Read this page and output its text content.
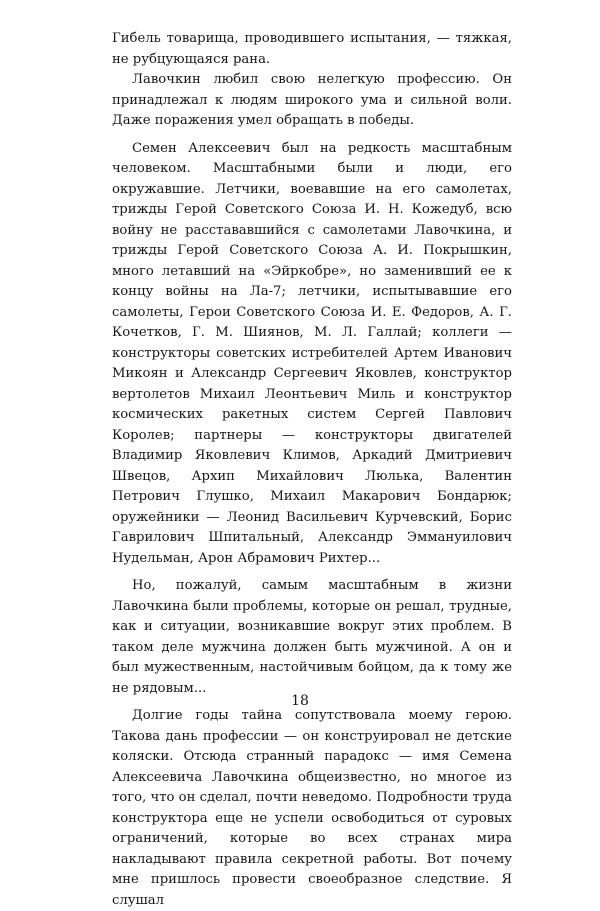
Гибель товарища, проводившего испытания, — тяжкая, не рубцующаяся рана.

Лавочкин любил свою нелегкую профессию. Он принадлежал к людям широкого ума и сильной воли. Даже поражения умел обращать в победы.

Семен Алексеевич был на редкость масштабным человеком. Масштабными были и люди, его окружавшие. Летчики, воевавшие на его самолетах, трижды Герой Советского Союза И. Н. Кожедуб, всю войну не расстававшийся с самолетами Лавочкина, и трижды Герой Советского Союза А. И. Покрышкин, много летавший на «Эйркобре», но заменивший ее к концу войны на Ла-7; летчики, испытывавшие его самолеты, Герои Советского Союза И. Е. Федоров, А. Г. Кочетков, Г. М. Шиянов, М. Л. Галлай; коллеги — конструкторы советских истребителей Артем Иванович Микоян и Александр Сергеевич Яковлев, конструктор вертолетов Михаил Леонтьевич Миль и конструктор космических ракетных систем Сергей Павлович Королев; партнеры — конструкторы двигателей Владимир Яковлевич Климов, Аркадий Дмитриевич Швецов, Архип Михайлович Люлька, Валентин Петрович Глушко, Михаил Макарович Бондарюк; оружейники — Леонид Васильевич Курчевский, Борис Гаврилович Шпитальный, Александр Эммануилович Нудельман, Арон Абрамович Рихтер...

Но, пожалуй, самым масштабным в жизни Лавочкина были проблемы, которые он решал, трудные, как и ситуации, возникавшие вокруг этих проблем. В таком деле мужчина должен быть мужчиной. А он и был мужественным, настойчивым бойцом, да к тому же не рядовым...

Долгие годы тайна сопутствовала моему герою. Такова дань профессии — он конструировал не детские коляски. Отсюда странный парадокс — имя Семена Алексеевича Лавочкина общеизвестно, но многое из того, что он сделал, почти неведомо. Подробности труда конструктора еще не успели освободиться от суровых ограничений, которые во всех странах мира накладывают правила секретной работы. Вот почему мне пришлось провести своеобразное следствие. Я слушал

18
